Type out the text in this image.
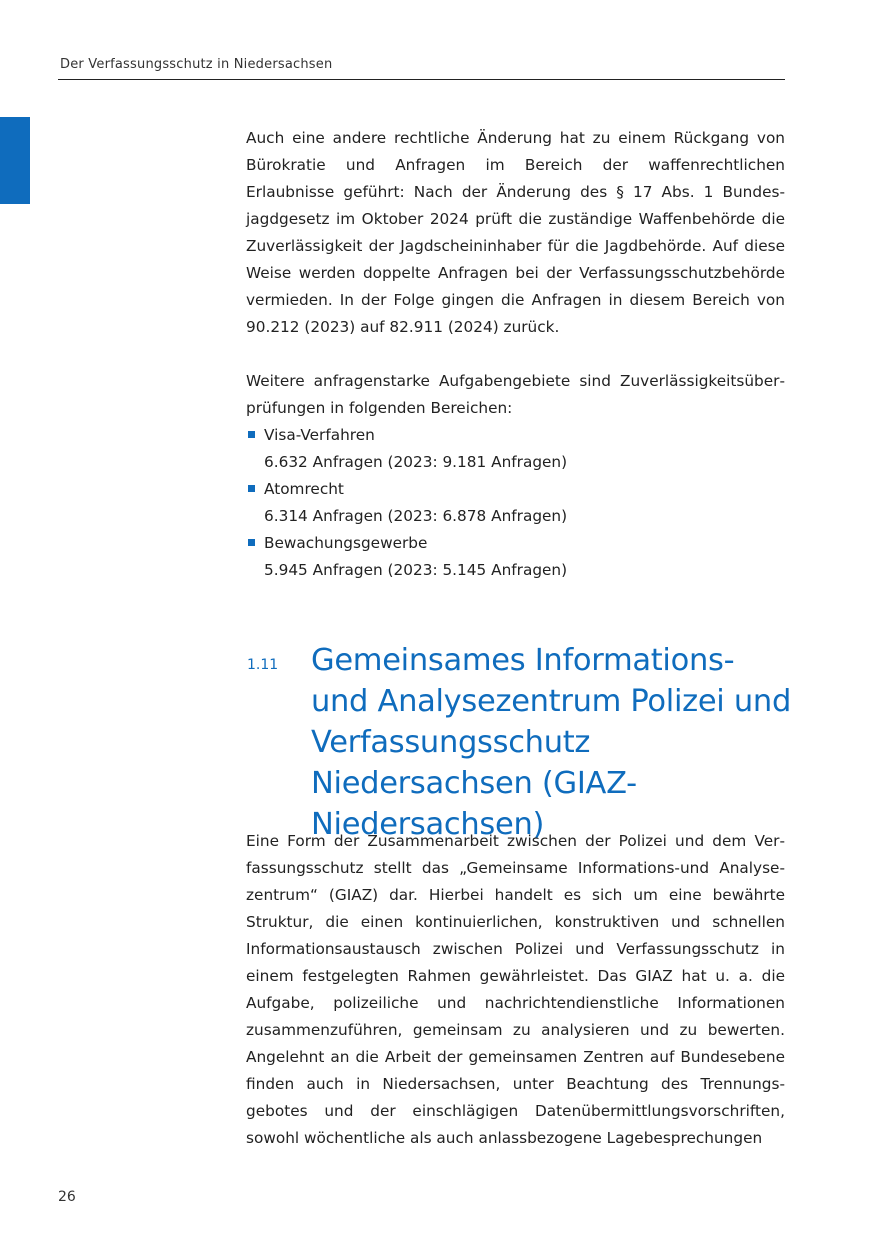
Der Verfassungsschutz in Niedersachsen

Auch eine andere rechtliche Änderung hat zu einem Rückgang von Bürokratie und Anfragen im Bereich der waffenrechtlichen Erlaubnisse geführt: Nach der Änderung des § 17 Abs. 1 Bundesjagdgesetz im Oktober 2024 prüft die zuständige Waffenbehörde die Zuverlässigkeit der Jagdscheininhaber für die Jagdbehörde. Auf diese Weise werden doppelte Anfragen bei der Verfassungsschutzbehörde vermieden. In der Folge gingen die Anfragen in diesem Bereich von 90.212 (2023) auf 82.911 (2024) zurück.

Weitere anfragenstarke Aufgabengebiete sind Zuverlässigkeitsüberprüfungen in folgenden Bereichen:

Visa-Verfahren
6.632 Anfragen (2023: 9.181 Anfragen)
Atomrecht
6.314 Anfragen (2023: 6.878 Anfragen)
Bewachungsgewerbe
5.945 Anfragen (2023: 5.145 Anfragen)
1.11 Gemeinsames Informations- und Analysezentrum Polizei und Verfassungsschutz Niedersachsen (GIAZ-Niedersachsen)

Eine Form der Zusammenarbeit zwischen der Polizei und dem Verfassungsschutz stellt das „Gemeinsame Informations-und Analysezentrum“ (GIAZ) dar. Hierbei handelt es sich um eine bewährte Struktur, die einen kontinuierlichen, konstruktiven und schnellen Informationsaustausch zwischen Polizei und Verfassungsschutz in einem festgelegten Rahmen gewährleistet. Das GIAZ hat u. a. die Aufgabe, polizeiliche und nachrichtendienstliche Informationen zusammenzuführen, gemeinsam zu analysieren und zu bewerten. Angelehnt an die Arbeit der gemeinsamen Zentren auf Bundesebene finden auch in Niedersachsen, unter Beachtung des Trennungsgebotes und der einschlägigen Datenübermittlungsvorschriften, sowohl wöchentliche als auch anlassbezogene Lagebesprechungen

26
